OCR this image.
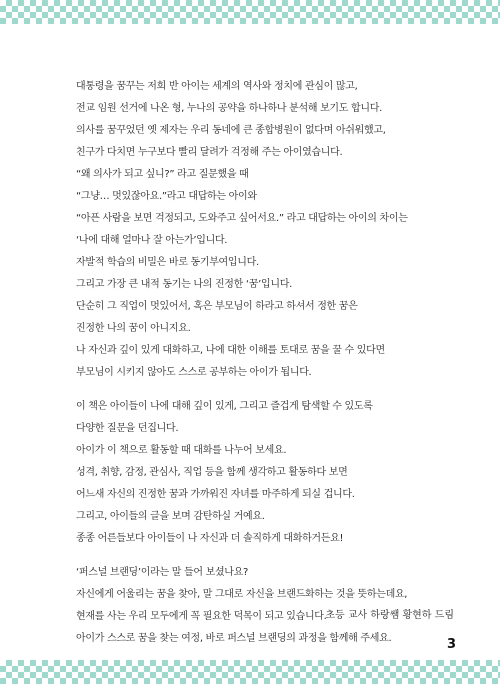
대통령을 꿈꾸는 저희 반 아이는 세계의 역사와 정치에 관심이 많고,
전교 임원 선거에 나온 형, 누나의 공약을 하나하나 분석해 보기도 합니다.
의사를 꿈꾸었던 옛 제자는 우리 동네에 큰 종합병원이 없다며 아쉬워했고,
친구가 다치면 누구보다 빨리 달려가 걱정해 주는 아이였습니다.
“왜 의사가 되고 싶니?” 라고 질문했을 때
“그냥… 멋있잖아요.”라고 대답하는 아이와
“아픈 사람을 보면 걱정되고, 도와주고 싶어서요.” 라고 대답하는 아이의 차이는
‘나에 대해 얼마나 잘 아는가’입니다.
자발적 학습의 비밀은 바로 동기부여입니다.
그리고 가장 큰 내적 동기는 나의 진정한 ‘꿈’입니다.
단순히 그 직업이 멋있어서, 혹은 부모님이 하라고 하셔서 정한 꿈은
진정한 나의 꿈이 아니지요.
나 자신과 깊이 있게 대화하고, 나에 대한 이해를 토대로 꿈을 꿀 수 있다면
부모님이 시키지 않아도 스스로 공부하는 아이가 됩니다.
이 책은 아이들이 나에 대해 깊이 있게, 그리고 즐겁게 탐색할 수 있도록
다양한 질문을 던집니다.
아이가 이 책으로 활동할 때 대화를 나누어 보세요.
성격, 취향, 감정, 관심사, 직업 등을 함께 생각하고 활동하다 보면
어느새 자신의 진정한 꿈과 가까워진 자녀를 마주하게 되실 겁니다.
그리고, 아이들의 글을 보며 감탄하실 거예요.
종종 어른들보다 아이들이 나 자신과 더 솔직하게 대화하거든요!
‘퍼스널 브랜딩’이라는 말 들어 보셨나요?
자신에게 어울리는 꿈을 찾아, 말 그대로 자신을 브랜드화하는 것을 뜻하는데요,
현재를 사는 우리 모두에게 꼭 필요한 덕목이 되고 있습니다.
아이가 스스로 꿈을 찾는 여정, 바로 퍼스널 브랜딩의 과정을 함께해 주세요.
초등 교사 하랑쌤 황현하 드림
3
